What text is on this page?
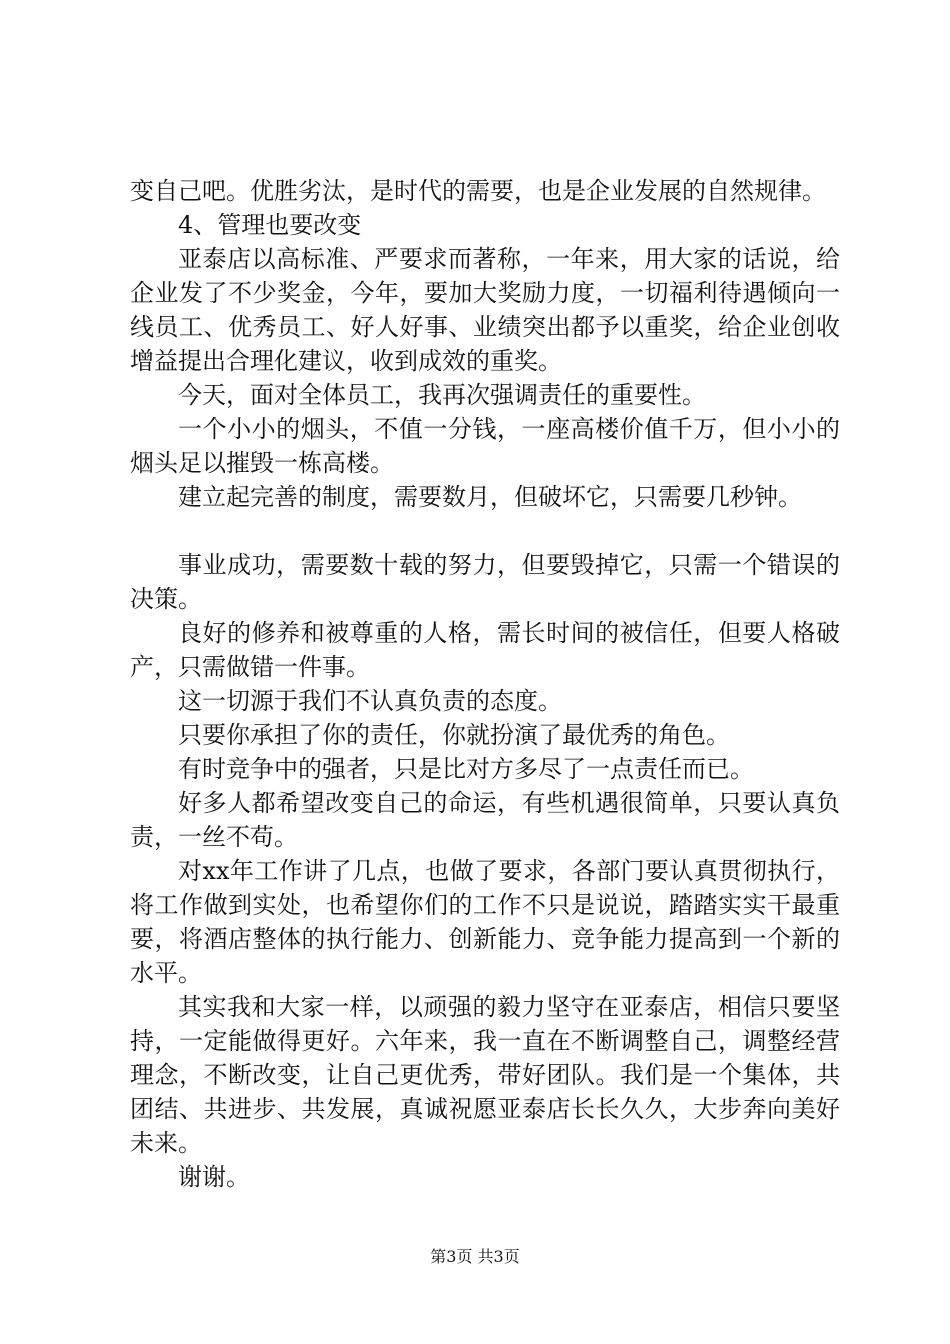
变自己吧。优胜劣汰，是时代的需要，也是企业发展的自然规律。

4、管理也要改变

亚泰店以高标准、严要求而著称，一年来，用大家的话说，给企业发了不少奖金，今年，要加大奖励力度，一切福利待遇倾向一线员工、优秀员工、好人好事、业绩突出都予以重奖，给企业创收增益提出合理化建议，收到成效的重奖。

今天，面对全体员工，我再次强调责任的重要性。

一个小小的烟头，不值一分钱，一座高楼价值千万，但小小的烟头足以摧毁一栋高楼。

建立起完善的制度，需要数月，但破坏它，只需要几秒钟。

事业成功，需要数十载的努力，但要毁掉它，只需一个错误的决策。

良好的修养和被尊重的人格，需长时间的被信任，但要人格破产，只需做错一件事。

这一切源于我们不认真负责的态度。

只要你承担了你的责任，你就扮演了最优秀的角色。

有时竞争中的强者，只是比对方多尽了一点责任而已。

好多人都希望改变自己的命运，有些机遇很简单，只要认真负责，一丝不苟。

对xx年工作讲了几点，也做了要求，各部门要认真贯彻执行，将工作做到实处，也希望你们的工作不只是说说，踏踏实实干最重要，将酒店整体的执行能力、创新能力、竞争能力提高到一个新的水平。

其实我和大家一样，以顽强的毅力坚守在亚泰店，相信只要坚持，一定能做得更好。六年来，我一直在不断调整自己，调整经营理念，不断改变，让自己更优秀，带好团队。我们是一个集体，共团结、共进步、共发展，真诚祝愿亚泰店长长久久，大步奔向美好未来。

谢谢。

第3页 共3页
